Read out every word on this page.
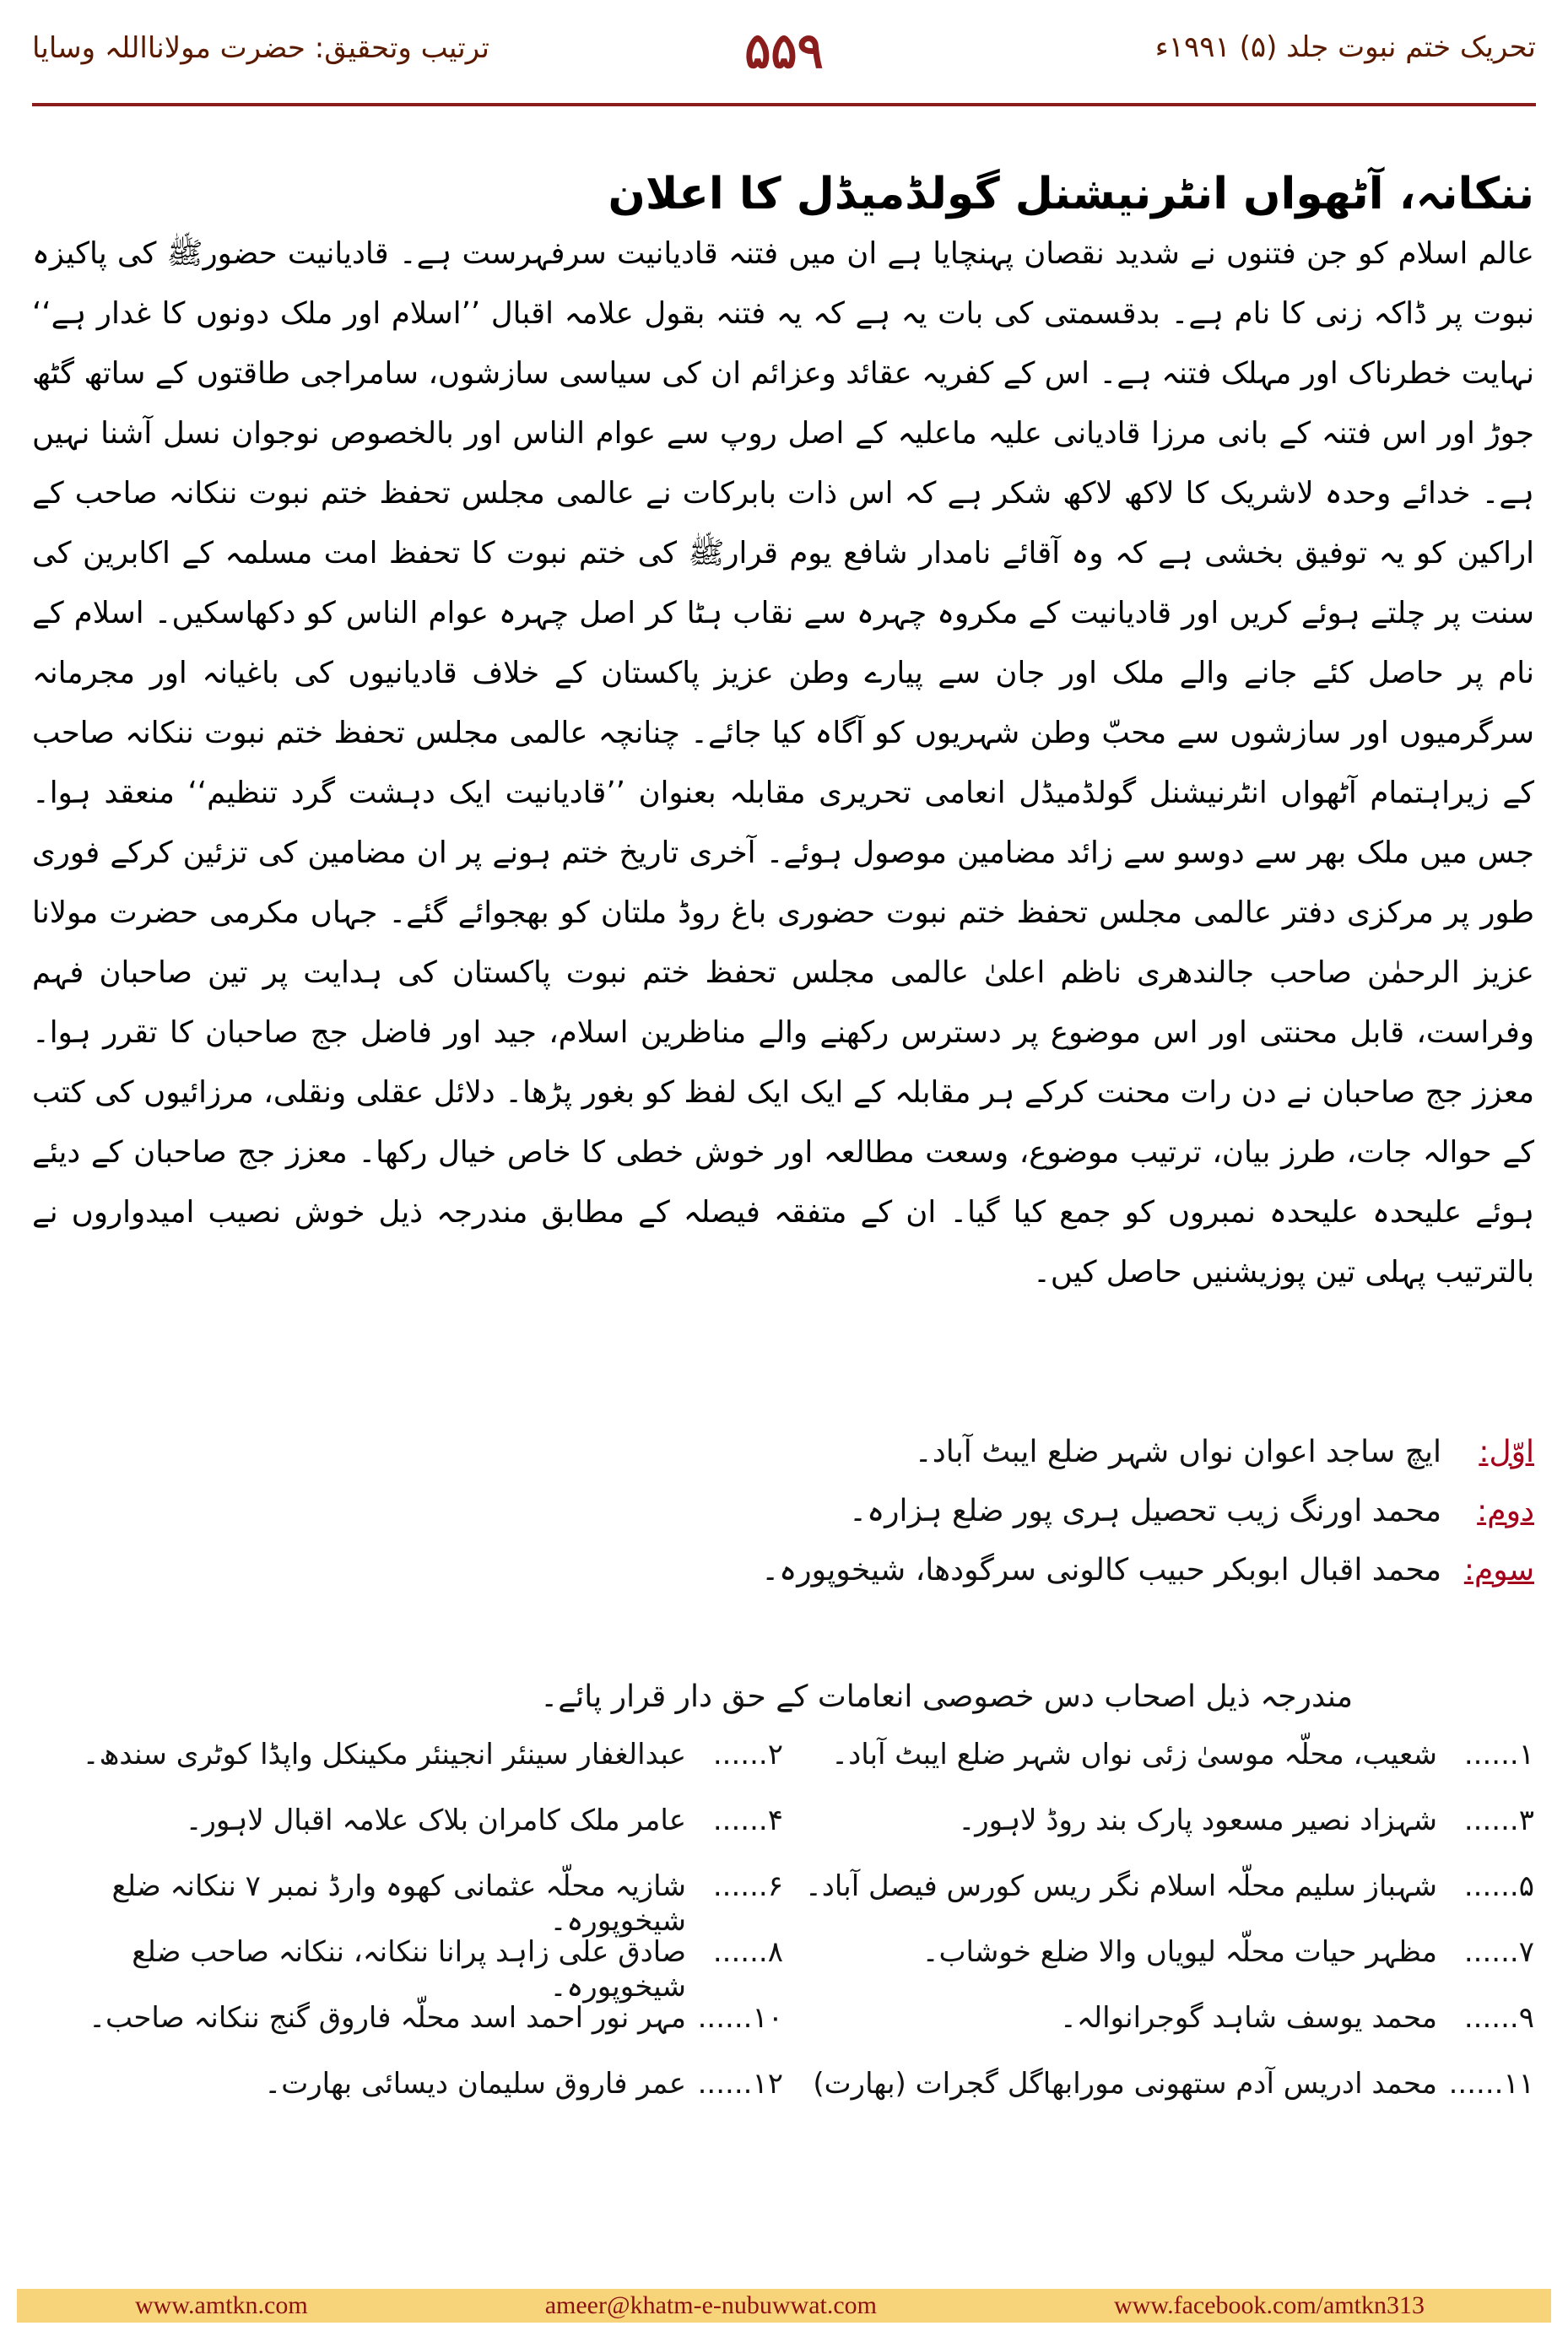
تحریک ختم نبوت جلد (۵) ۱۹۹۱ء
۵۵۹
ترتیب وتحقیق: حضرت مولانااللہ وسایا
ننکانہ، آٹھواں انٹرنیشنل گولڈمیڈل کا اعلان

عالم اسلام کو جن فتنوں نے شدید نقصان پہنچایا ہے ان میں فتنہ قادیانیت سرفہرست ہے۔ قادیانیت حضورﷺ کی پاکیزہ نبوت پر ڈاکہ زنی کا نام ہے۔ بدقسمتی کی بات یہ ہے کہ یہ فتنہ بقول علامہ اقبال ’’اسلام اور ملک دونوں کا غدار ہے‘‘ نہایت خطرناک اور مہلک فتنہ ہے۔ اس کے کفریہ عقائد وعزائم ان کی سیاسی سازشوں، سامراجی طاقتوں کے ساتھ گٹھ جوڑ اور اس فتنہ کے بانی مرزا قادیانی علیہ ماعلیہ کے اصل روپ سے عوام الناس اور بالخصوص نوجوان نسل آشنا نہیں ہے۔ خدائے وحدہ لاشریک کا لاکھ لاکھ شکر ہے کہ اس ذات بابرکات نے عالمی مجلس تحفظ ختم نبوت ننکانہ صاحب کے اراکین کو یہ توفیق بخشی ہے کہ وہ آقائے نامدار شافع یوم قرارﷺ کی ختم نبوت کا تحفظ امت مسلمہ کے اکابرین کی سنت پر چلتے ہوئے کریں اور قادیانیت کے مکروہ چہرہ سے نقاب ہٹا کر اصل چہرہ عوام الناس کو دکھاسکیں۔ اسلام کے نام پر حاصل کئے جانے والے ملک اور جان سے پیارے وطن عزیز پاکستان کے خلاف قادیانیوں کی باغیانہ اور مجرمانہ سرگرمیوں اور سازشوں سے محبّ وطن شہریوں کو آگاہ کیا جائے۔ چنانچہ عالمی مجلس تحفظ ختم نبوت ننکانہ صاحب کے زیراہتمام آٹھواں انٹرنیشنل گولڈمیڈل انعامی تحریری مقابلہ بعنوان ’’قادیانیت ایک دہشت گرد تنظیم‘‘ منعقد ہوا۔ جس میں ملک بھر سے دوسو سے زائد مضامین موصول ہوئے۔ آخری تاریخ ختم ہونے پر ان مضامین کی تزئین کرکے فوری طور پر مرکزی دفتر عالمی مجلس تحفظ ختم نبوت حضوری باغ روڈ ملتان کو بھجوائے گئے۔ جہاں مکرمی حضرت مولانا عزیز الرحمٰن صاحب جالندھری ناظم اعلیٰ عالمی مجلس تحفظ ختم نبوت پاکستان کی ہدایت پر تین صاحبان فہم وفراست، قابل محنتی اور اس موضوع پر دسترس رکھنے والے مناظرین اسلام، جید اور فاضل جج صاحبان کا تقرر ہوا۔ معزز جج صاحبان نے دن رات محنت کرکے ہر مقابلہ کے ایک ایک لفظ کو بغور پڑھا۔ دلائل عقلی ونقلی، مرزائیوں کی کتب کے حوالہ جات، طرز بیان، ترتیب موضوع، وسعت مطالعہ اور خوش خطی کا خاص خیال رکھا۔ معزز جج صاحبان کے دیئے ہوئے علیحدہ علیحدہ نمبروں کو جمع کیا گیا۔ ان کے متفقہ فیصلہ کے مطابق مندرجہ ذیل خوش نصیب امیدواروں نے بالترتیب پہلی تین پوزیشنیں حاصل کیں۔

اوّل:
ایچ ساجد اعوان نواں شہر ضلع ایبٹ آباد۔
دوم:
محمد اورنگ زیب تحصیل ہری پور ضلع ہزارہ۔
سوم:
محمد اقبال ابوبکر حبیب کالونی سرگودھا، شیخوپورہ۔
مندرجہ ذیل اصحاب دس خصوصی انعامات کے حق دار قرار پائے۔
۱......
شعیب، محلّہ موسیٰ زئی نواں شہر ضلع ایبٹ آباد۔
۲......
عبدالغفار سینئر انجینئر مکینکل واپڈا کوٹری سندھ۔
۳......
شہزاد نصیر مسعود پارک بند روڈ لاہور۔
۴......
عامر ملک کامران بلاک علامہ اقبال لاہور۔
۵......
شہباز سلیم محلّہ اسلام نگر ریس کورس فیصل آباد۔
۶......
شازیہ محلّہ عثمانی کھوہ وارڈ نمبر ۷ ننکانہ ضلع شیخوپورہ۔
۷......
مظہر حیات محلّہ لیویاں والا ضلع خوشاب۔
۸......
صادق علی زاہد پرانا ننکانہ، ننکانہ صاحب ضلع شیخوپورہ۔
۹......
محمد یوسف شاہد گوجرانوالہ۔
۱۰......
مہر نور احمد اسد محلّہ فاروق گنج ننکانہ صاحب۔
۱۱......
محمد ادریس آدم ستھونی مورابھاگل گجرات (بھارت)
۱۲......
عمر فاروق سلیمان دیسائی بھارت۔
www.amtkn.com	ameer@khatm-e-nubuwwat.com	www.facebook.com/amtkn313
